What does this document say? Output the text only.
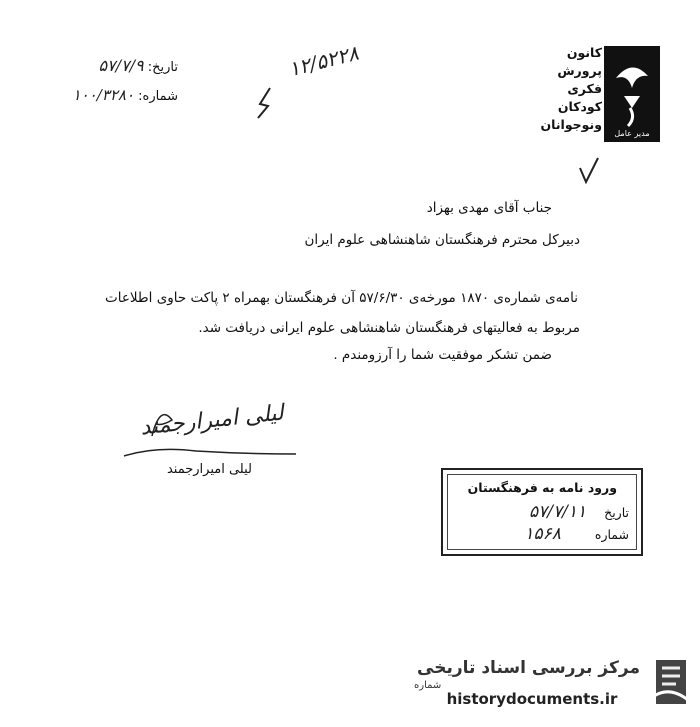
تاریخ: ۵۷/۷/۹
شماره: ۱۰۰/۳۲۸۰
۱۲/۵۲۲۸
مدیر عامل
کانون
پرورش
فکری
کودکان
ونوجوانان
جناب آقای مهدی بهزاد
دبیرکل محترم فرهنگستان شاهنشاهی علوم ایران
نامه‌ی شماره‌ی ۱۸۷۰ مورخه‌ی ۵۷/۶/۳۰ آن فرهنگستان بهمراه ۲ پاکت حاوی اطلاعات
مربوط به فعالیتهای فرهنگستان شاهنشاهی علوم ایرانی دریافت شد.
ضمن تشکر موفقیت شما را آرزومندم .
لیلی امیرارجمند
لیلی امیرارجمند
ورود نامه به فرهنگستان
تاریخ ۵۷/۷/۱۱
شماره ۱۵۶۸
شماره
مرکز بررسی اسناد تاریخی
historydocuments.ir
